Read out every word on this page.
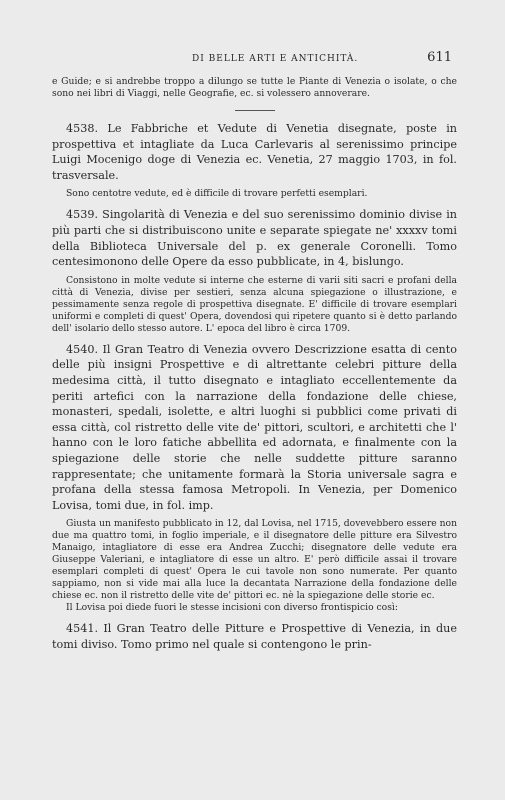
DI BELLE ARTI E ANTICHITÀ.	611

e Guide; e si andrebbe troppo a dilungo se tutte le Piante di Venezia o isolate, o che sono nei libri di Viaggi, nelle Geografie, ec. si volessero annoverare.

4538. Le Fabbriche et Vedute di Venetia disegnate, poste in prospettiva et intagliate da Luca Carlevaris al serenissimo principe Luigi Mocenigo doge di Venezia ec. Venetia, 27 maggio 1703, in fol. trasversale.

Sono centotre vedute, ed è difficile di trovare perfetti esemplari.

4539. Singolarità di Venezia e del suo serenissimo dominio divise in più parti che si distribuiscono unite e separate spiegate ne' xxxxv tomi della Biblioteca Universale del p. ex generale Coronelli. Tomo centesimonono delle Opere da esso pubblicate, in 4, bislungo.

Consistono in molte vedute si interne che esterne di varii siti sacri e profani della città di Venezia, divise per sestieri, senza alcuna spiegazione o illustrazione, e pessimamente senza regole di prospettiva disegnate. E' difficile di trovare esemplari uniformi e completi di quest' Opera, dovendosi qui ripetere quanto si è detto parlando dell' isolario dello stesso autore. L' epoca del libro è circa 1709.

4540. Il Gran Teatro di Venezia ovvero Descrizzione esatta di cento delle più insigni Prospettive e di altrettante celebri pitture della medesima città, il tutto disegnato e intagliato eccellentemente da periti artefici con la narrazione della fondazione delle chiese, monasteri, spedali, isolette, e altri luoghi si pubblici come privati di essa città, col ristretto delle vite de' pittori, scultori, e architetti che l' hanno con le loro fatiche abbellita ed adornata, e finalmente con la spiegazione delle storie che nelle suddette pitture saranno rappresentate; che unitamente formarà la Storia universale sagra e profana della stessa famosa Metropoli. In Venezia, per Domenico Lovisa, tomi due, in fol. imp.

Giusta un manifesto pubblicato in 12, dal Lovisa, nel 1715, dovevebbero essere non due ma quattro tomi, in foglio imperiale, e il disegnatore delle pitture era Silvestro Manaigo, intagliatore di esse era Andrea Zucchi; disegnatore delle vedute era Giuseppe Valeriani, e intagliatore di esse un altro. E' però difficile assai il trovare esemplari completi di quest' Opera le cui tavole non sono numerate. Per quanto sappiamo, non si vide mai alla luce la decantata Narrazione della fondazione delle chiese ec. non il ristretto delle vite de' pittori ec. nè la spiegazione delle storie ec.

Il Lovisa poi diede fuori le stesse incisioni con diverso frontispicio così:

4541. Il Gran Teatro delle Pitture e Prospettive di Venezia, in due tomi diviso. Tomo primo nel quale si contengono le prin-
